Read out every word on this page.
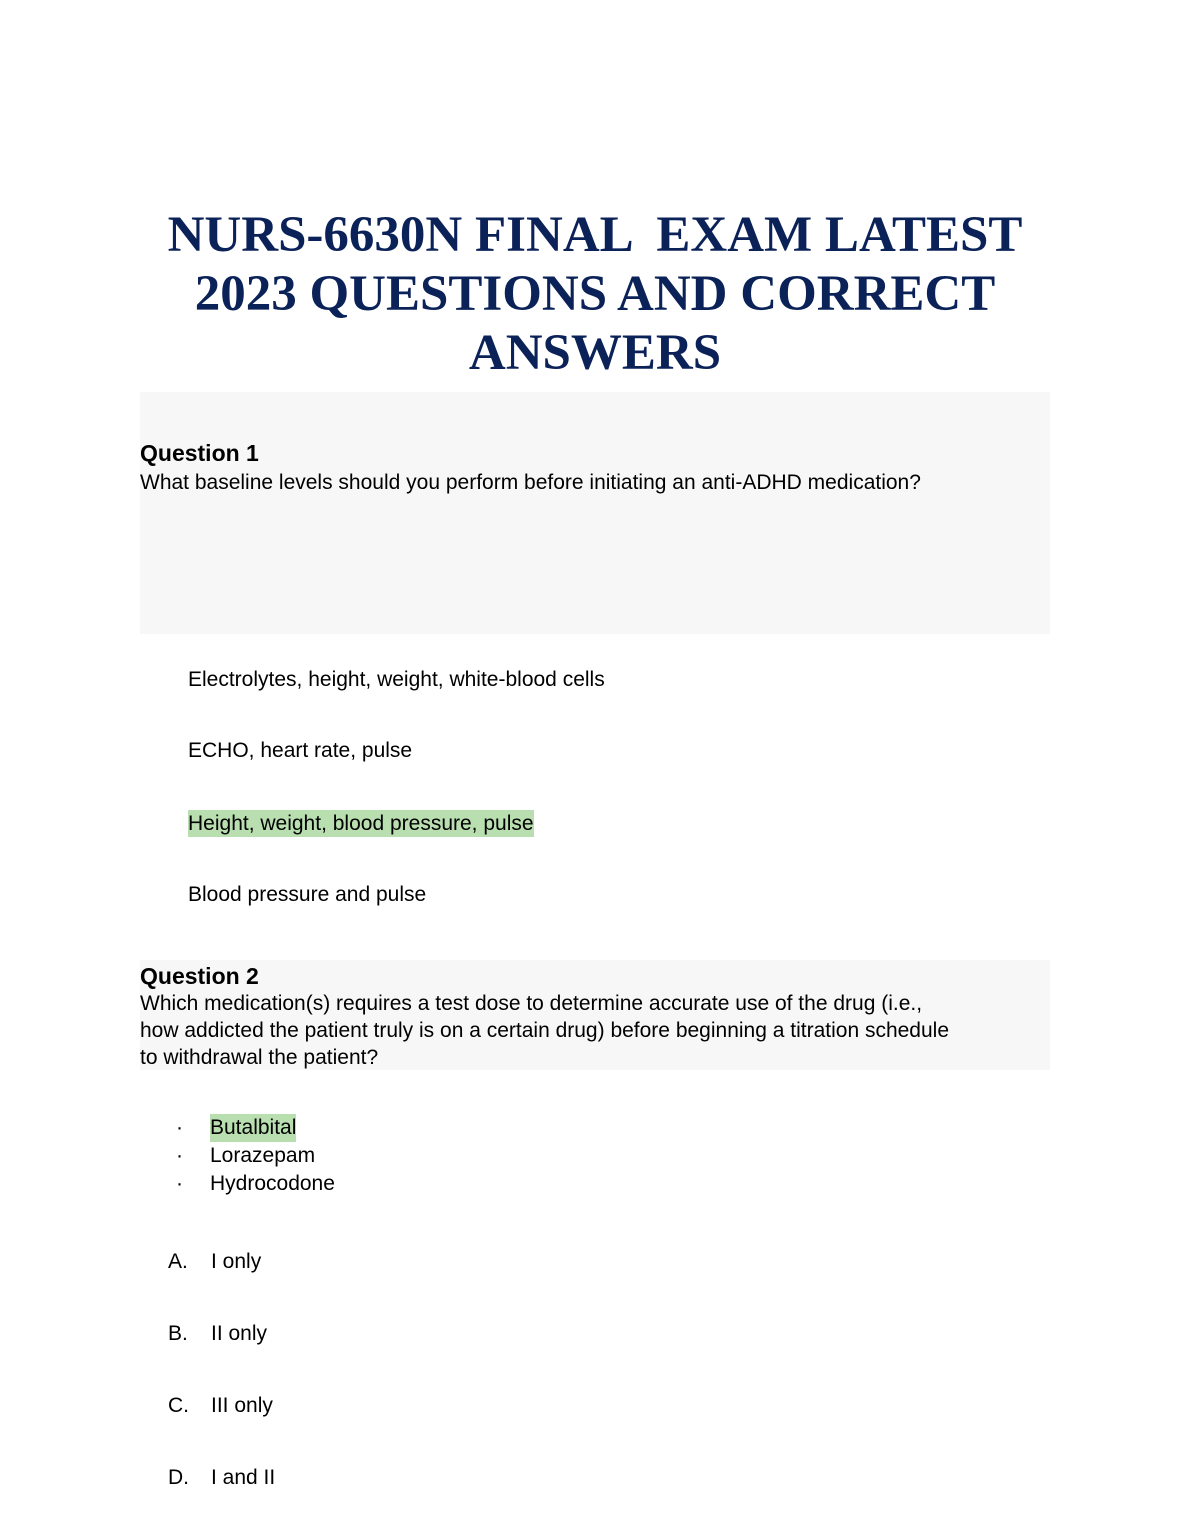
NURS-6630N FINAL  EXAM LATEST
2023 QUESTIONS AND CORRECT
ANSWERS
Question 1

What baseline levels should you perform before initiating an anti-ADHD medication?

Electrolytes, height, weight, white-blood cells
ECHO, heart rate, pulse
Height, weight, blood pressure, pulse
Blood pressure and pulse
Question 2

Which medication(s) requires a test dose to determine accurate use of the drug (i.e.,
how addicted the patient truly is on a certain drug) before beginning a titration schedule
to withdrawal the patient?

· Butalbital
· Lorazepam
· Hydrocodone
A. I only
B. II only
C. III only
D. I and II
